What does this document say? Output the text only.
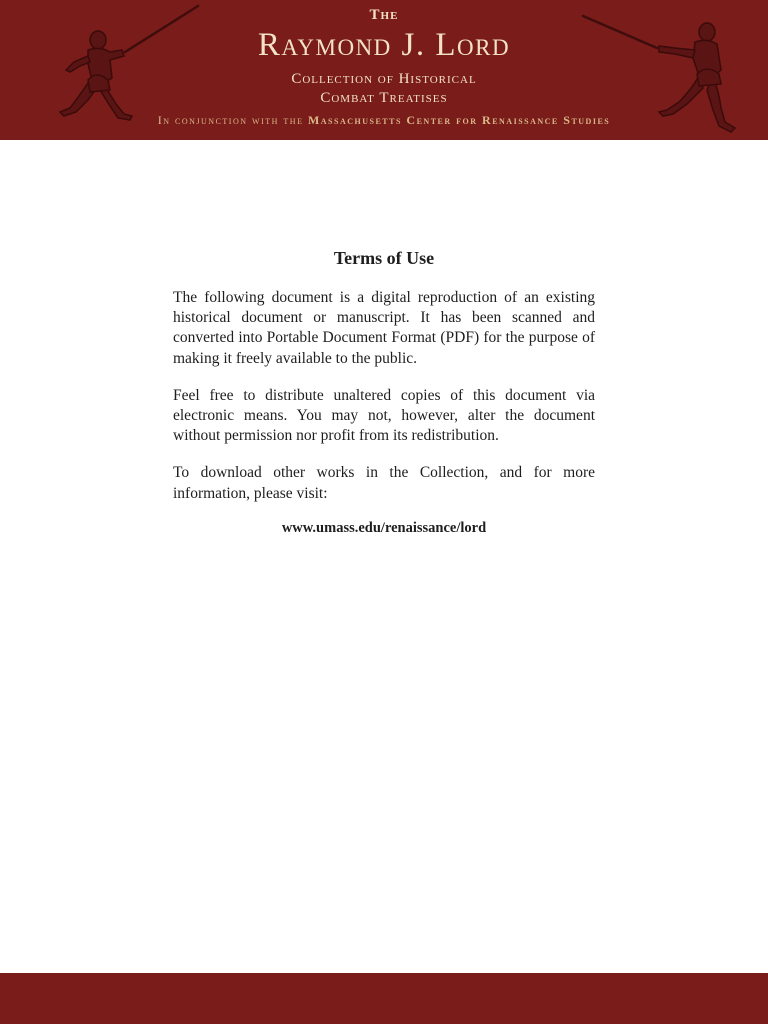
The
Raymond J. Lord
Collection of Historical
Combat Treatises
In conjunction with the Massachusetts Center for Renaissance Studies
Terms of Use

The following document is a digital reproduction of an existing historical document or manuscript. It has been scanned and converted into Portable Document Format (PDF) for the purpose of making it freely available to the public.

Feel free to distribute unaltered copies of this document via electronic means. You may not, however, alter the document without permission nor profit from its redistribution.

To download other works in the Collection, and for more information, please visit:

www.umass.edu/renaissance/lord
